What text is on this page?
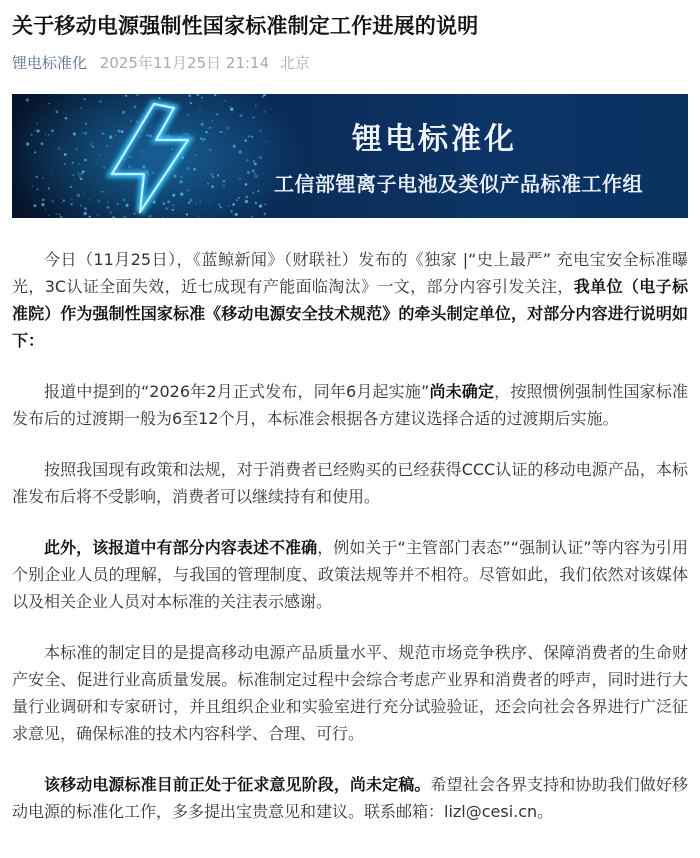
关于移动电源强制性国家标准制定工作进展的说明
锂电标准化 2025年11月25日 21:14 北京
锂电标准化
工信部锂离子电池及类似产品标准工作组

今日（11月25日），《蓝鲸新闻》（财联社）发布的《独家 |“史上最严” 充电宝安全标准曝光，3C认证全面失效，近七成现有产能面临淘汰》一文，部分内容引发关注，我单位（电子标准院）作为强制性国家标准《移动电源安全技术规范》的牵头制定单位，对部分内容进行说明如下：

报道中提到的“2026年2月正式发布，同年6月起实施”尚未确定，按照惯例强制性国家标准发布后的过渡期一般为6至12个月，本标准会根据各方建议选择合适的过渡期后实施。

按照我国现有政策和法规，对于消费者已经购买的已经获得CCC认证的移动电源产品，本标准发布后将不受影响，消费者可以继续持有和使用。

此外，该报道中有部分内容表述不准确，例如关于“主管部门表态”“强制认证”等内容为引用个别企业人员的理解，与我国的管理制度、政策法规等并不相符。尽管如此，我们依然对该媒体以及相关企业人员对本标准的关注表示感谢。

本标准的制定目的是提高移动电源产品质量水平、规范市场竞争秩序、保障消费者的生命财产安全、促进行业高质量发展。标准制定过程中会综合考虑产业界和消费者的呼声，同时进行大量行业调研和专家研讨，并且组织企业和实验室进行充分试验验证，还会向社会各界进行广泛征求意见，确保标准的技术内容科学、合理、可行。

该移动电源标准目前正处于征求意见阶段，尚未定稿。希望社会各界支持和协助我们做好移动电源的标准化工作，多多提出宝贵意见和建议。联系邮箱：lizl@cesi.cn。
